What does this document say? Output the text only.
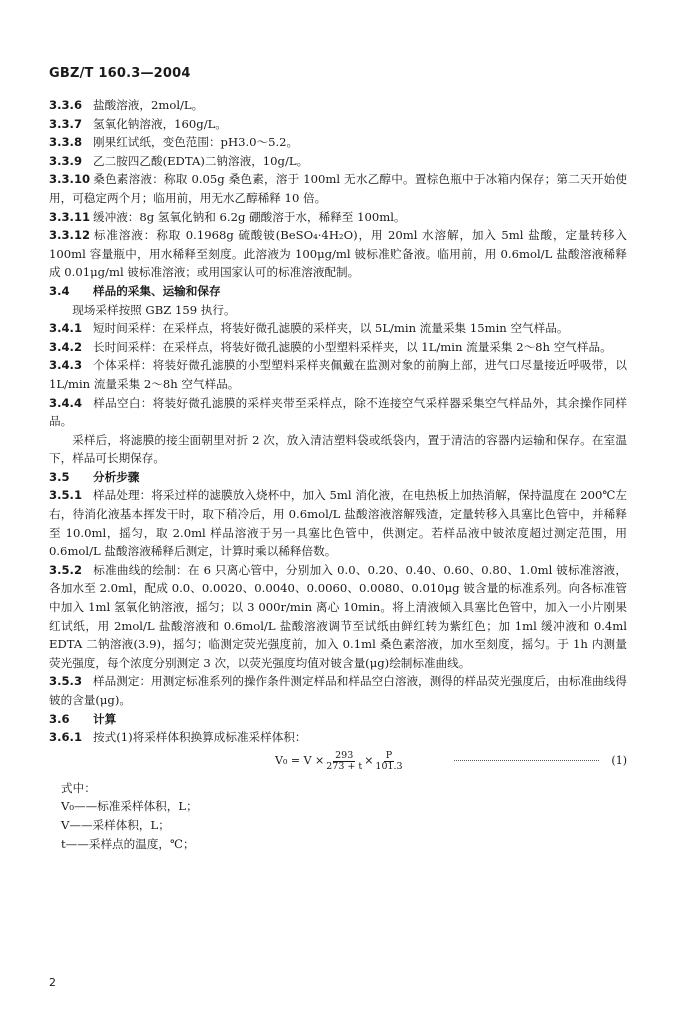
GBZ/T 160.3—2004

3.3.6 盐酸溶液，2mol/L。

3.3.7 氢氧化钠溶液，160g/L。

3.3.8 刚果红试纸，变色范围：pH3.0～5.2。

3.3.9 乙二胺四乙酸(EDTA)二钠溶液，10g/L。

3.3.10 桑色素溶液：称取 0.05g 桑色素，溶于 100ml 无水乙醇中。置棕色瓶中于冰箱内保存；第二天开始使用，可稳定两个月；临用前，用无水乙醇稀释 10 倍。

3.3.11 缓冲液：8g 氢氧化钠和 6.2g 硼酸溶于水，稀释至 100ml。

3.3.12 标准溶液：称取 0.1968g 硫酸铍(BeSO₄·4H₂O)，用 20ml 水溶解，加入 5ml 盐酸，定量转移入 100ml 容量瓶中，用水稀释至刻度。此溶液为 100μg/ml 铍标准贮备液。临用前，用 0.6mol/L 盐酸溶液稀释成 0.01μg/ml 铍标准溶液；或用国家认可的标准溶液配制。

3.4 样品的采集、运输和保存

现场采样按照 GBZ 159 执行。

3.4.1 短时间采样：在采样点，将装好微孔滤膜的采样夹，以 5L/min 流量采集 15min 空气样品。

3.4.2 长时间采样：在采样点，将装好微孔滤膜的小型塑料采样夹，以 1L/min 流量采集 2～8h 空气样品。

3.4.3 个体采样：将装好微孔滤膜的小型塑料采样夹佩戴在监测对象的前胸上部，进气口尽量接近呼吸带，以 1L/min 流量采集 2～8h 空气样品。

3.4.4 样品空白：将装好微孔滤膜的采样夹带至采样点，除不连接空气采样器采集空气样品外，其余操作同样品。

采样后，将滤膜的接尘面朝里对折 2 次，放入清洁塑料袋或纸袋内，置于清洁的容器内运输和保存。在室温下，样品可长期保存。

3.5 分析步骤

3.5.1 样品处理：将采过样的滤膜放入烧杯中，加入 5ml 消化液，在电热板上加热消解，保持温度在 200℃左右，待消化液基本挥发干时，取下稍冷后，用 0.6mol/L 盐酸溶液溶解残渣，定量转移入具塞比色管中，并稀释至 10.0ml，摇匀，取 2.0ml 样品溶液于另一具塞比色管中，供测定。若样品液中铍浓度超过测定范围，用 0.6mol/L 盐酸溶液稀释后测定，计算时乘以稀释倍数。

3.5.2 标准曲线的绘制：在 6 只离心管中，分别加入 0.0、0.20、0.40、0.60、0.80、1.0ml 铍标准溶液，各加水至 2.0ml，配成 0.0、0.0020、0.0040、0.0060、0.0080、0.010μg 铍含量的标准系列。向各标准管中加入 1ml 氢氧化钠溶液，摇匀；以 3 000r/min 离心 10min。将上清液倾入具塞比色管中，加入一小片刚果红试纸，用 2mol/L 盐酸溶液和 0.6mol/L 盐酸溶液调节至试纸由鲜红转为紫红色；加 1ml 缓冲液和 0.4ml EDTA 二钠溶液(3.9)，摇匀；临测定荧光强度前，加入 0.1ml 桑色素溶液，加水至刻度，摇匀。于 1h 内测量荧光强度，每个浓度分别测定 3 次，以荧光强度均值对铍含量(μg)绘制标准曲线。

3.5.3 样品测定：用测定标准系列的操作条件测定样品和样品空白溶液，测得的样品荧光强度后，由标准曲线得铍的含量(μg)。

3.6 计算

3.6.1 按式(1)将采样体积换算成标准采样体积：

$V_0 = V \times \frac{293}{273 + t} \times \frac{P}{101.3}$	(1)

式中：

V₀——标准采样体积，L；

V——采样体积，L；

t——采样点的温度，℃；

2
